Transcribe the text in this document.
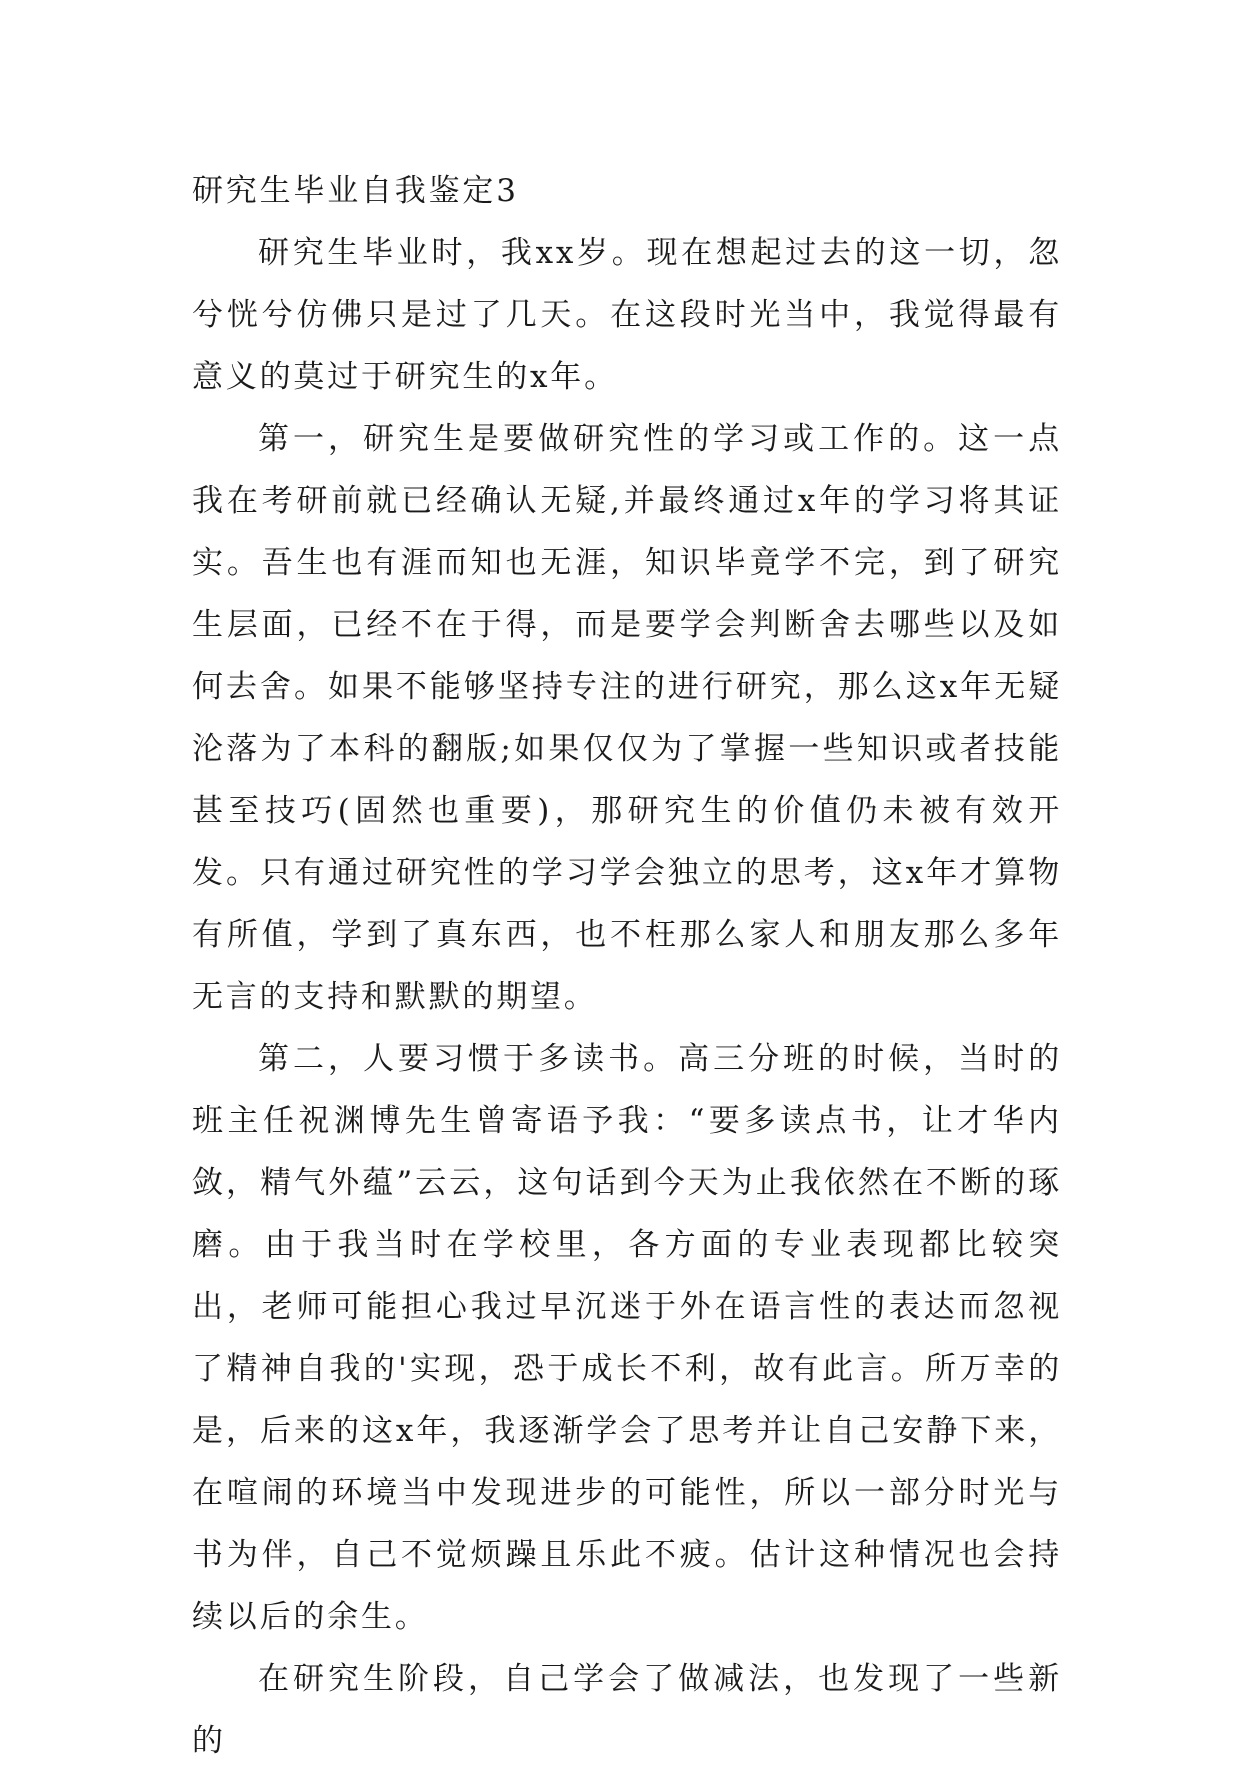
研究生毕业自我鉴定3

研究生毕业时，我xx岁。现在想起过去的这一切，忽兮恍兮仿佛只是过了几天。在这段时光当中，我觉得最有意义的莫过于研究生的x年。

第一，研究生是要做研究性的学习或工作的。这一点我在考研前就已经确认无疑,并最终通过x年的学习将其证实。吾生也有涯而知也无涯，知识毕竟学不完，到了研究生层面，已经不在于得，而是要学会判断舍去哪些以及如何去舍。如果不能够坚持专注的进行研究，那么这x年无疑沦落为了本科的翻版;如果仅仅为了掌握一些知识或者技能甚至技巧(固然也重要)，那研究生的价值仍未被有效开发。只有通过研究性的学习学会独立的思考，这x年才算物有所值，学到了真东西，也不枉那么家人和朋友那么多年无言的支持和默默的期望。

第二，人要习惯于多读书。高三分班的时候，当时的班主任祝渊博先生曾寄语予我：“要多读点书，让才华内敛，精气外蕴”云云，这句话到今天为止我依然在不断的琢磨。由于我当时在学校里，各方面的专业表现都比较突出，老师可能担心我过早沉迷于外在语言性的表达而忽视了精神自我的'实现，恐于成长不利，故有此言。所万幸的是，后来的这x年，我逐渐学会了思考并让自己安静下来，在喧闹的环境当中发现进步的可能性，所以一部分时光与书为伴，自己不觉烦躁且乐此不疲。估计这种情况也会持续以后的余生。

在研究生阶段，自己学会了做减法，也发现了一些新的
